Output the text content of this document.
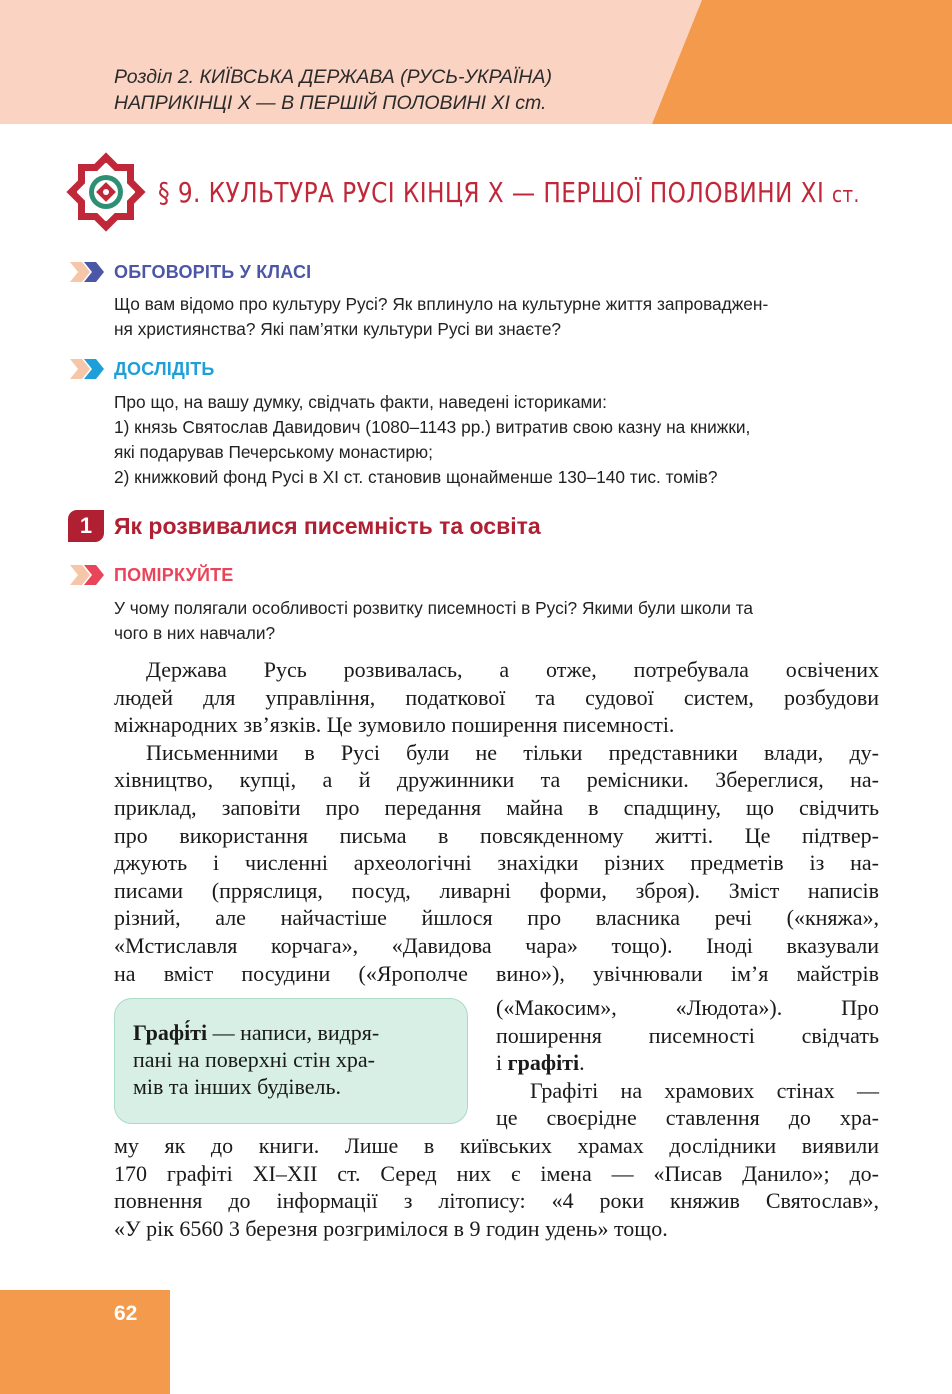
Розділ 2. КИЇВСЬКА ДЕРЖАВА (РУСЬ-УКРАЇНА)
НАПРИКІНЦІ X — В ПЕРШІЙ ПОЛОВИНІ XI ст.
§ 9. КУЛЬТУРА РУСІ КІНЦЯ X — ПЕРШОЇ ПОЛОВИНИ XI ст.
ОБГОВОРІТЬ У КЛАСІ
Що вам відомо про культуру Русі? Як вплинуло на культурне життя запроваджен-
ня християнства? Які пам’ятки культури Русі ви знаєте?
ДОСЛІДІТЬ
Про що, на вашу думку, свідчать факти, наведені істориками:
1) князь Святослав Давидович (1080–1143 рр.) витратив свою казну на книжки,
які подарував Печерському монастирю;
2) книжковий фонд Русі в XI ст. становив щонайменше 130–140 тис. томів?
1 Як розвивалися писемність та освіта
ПОМІРКУЙТЕ
У чому полягали особливості розвитку писемності в Русі? Якими були школи та
чого в них навчали?
Держава Русь розвивалась, а отже, потребувала освічених
людей для управління, податкової та судової систем, розбудови
міжнародних зв’язків. Це зумовило поширення писемності.
Письменними в Русі були не тільки представники влади, ду-
хівництво, купці, а й дружинники та ремісники. Збереглися, на-
приклад, заповіти про передання майна в спадщину, що свідчить
про використання письма в повсякденному житті. Це підтвер-
джують і численні археологічні знахідки різних предметів із на-
писами (прряслиця, посуд, ливарні форми, зброя). Зміст написів
різний, але найчастіше йшлося про власника речі («княжа»,
«Мстиславля корчага», «Давидова чара» тощо). Іноді вказували
на вміст посудини («Ярополче вино»), увічнювали ім’я майстрів
(«Макосим», «Людота»). Про
поширення писемності свідчать
і графіті.
Графіті на храмових стінах —
це своєрідне ставлення до хра-
Графі́ті — написи, видря-
пані на поверхні стін хра-
мів та інших будівель.
му як до книги. Лише в київських храмах дослідники виявили
170 графіті XI–XII ст. Серед них є імена — «Писав Данило»; до-
повнення до інформації з літопису: «4 роки княжив Святослав»,
«У рік 6560 3 березня розгримілося в 9 годин удень» тощо.
62
